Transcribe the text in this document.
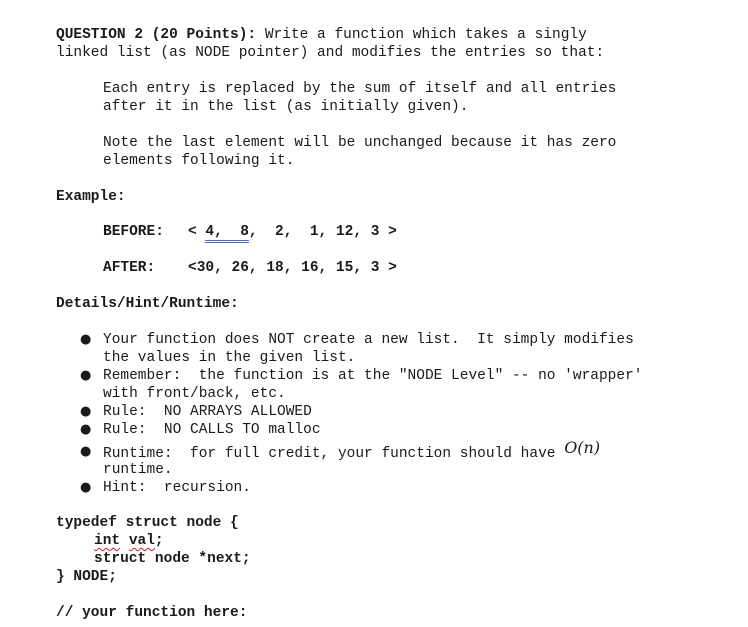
QUESTION 2 (20 Points): Write a function which takes a singly
linked list (as NODE pointer) and modifies the entries so that:
Each entry is replaced by the sum of itself and all entries
after it in the list (as initially given).
Note the last element will be unchanged because it has zero
elements following it.
Example:
BEFORE: < 4,  8,  2,  1, 12, 3 >
AFTER: <30, 26, 18, 16, 15, 3 >
Details/Hint/Runtime:
● Your function does NOT create a new list.  It simply modifies
the values in the given list.
● Remember:  the function is at the "NODE Level" -- no 'wrapper'
with front/back, etc.
● Rule:  NO ARRAYS ALLOWED
● Rule:  NO CALLS TO malloc
● Runtime:  for full credit, your function should have O(n)
runtime.
● Hint:  recursion.
typedef struct node {
int val;
struct node *next;
} NODE;
// your function here:
